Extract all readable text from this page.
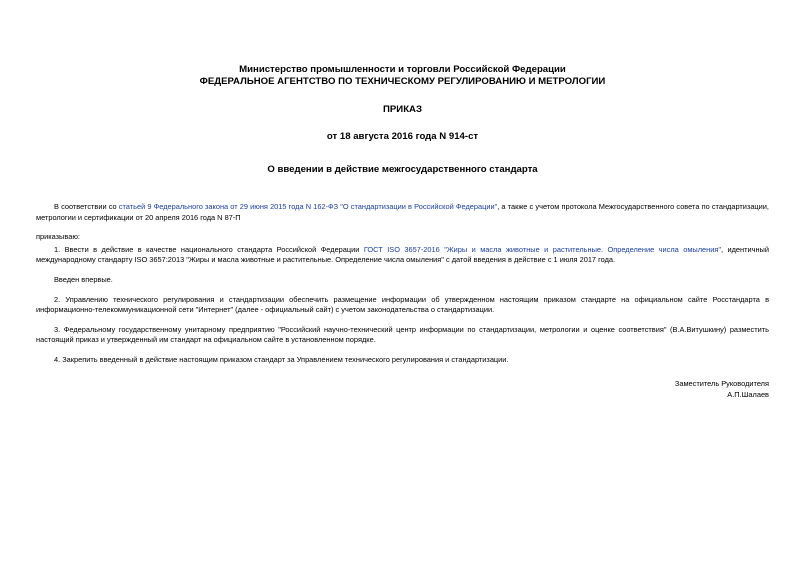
Министерство промышленности и торговли Российской Федерации
ФЕДЕРАЛЬНОЕ АГЕНТСТВО ПО ТЕХНИЧЕСКОМУ РЕГУЛИРОВАНИЮ И МЕТРОЛОГИИ
ПРИКАЗ
от 18 августа 2016 года N 914-ст
О введении в действие межгосударственного стандарта

В соответствии со статьей 9 Федерального закона от 29 июня 2015 года N 162-ФЗ "О стандартизации в Российской Федерации", а также с учетом протокола Межгосударственного совета по стандартизации, метрологии и сертификации от 20 апреля 2016 года N 87-П

приказываю:

1. Ввести в действие в качестве национального стандарта Российской Федерации ГОСТ ISO 3657-2016 "Жиры и масла животные и растительные. Определение числа омыления", идентичный международному стандарту ISO 3657:2013 "Жиры и масла животные и растительные. Определение числа омыления" с датой введения в действие с 1 июля 2017 года.

Введен впервые.

2. Управлению технического регулирования и стандартизации обеспечить размещение информации об утвержденном настоящим приказом стандарте на официальном сайте Росстандарта в информационно-телекоммуникационной сети "Интернет" (далее - официальный сайт) с учетом законодательства о стандартизации.

3. Федеральному государственному унитарному предприятию "Российский научно-технический центр информации по стандартизации, метрологии и оценке соответствия" (В.А.Витушкину) разместить настоящий приказ и утвержденный им стандарт на официальном сайте в установленном порядке.

4. Закрепить введенный в действие настоящим приказом стандарт за Управлением технического регулирования и стандартизации.

Заместитель Руководителя
А.П.Шалаев
